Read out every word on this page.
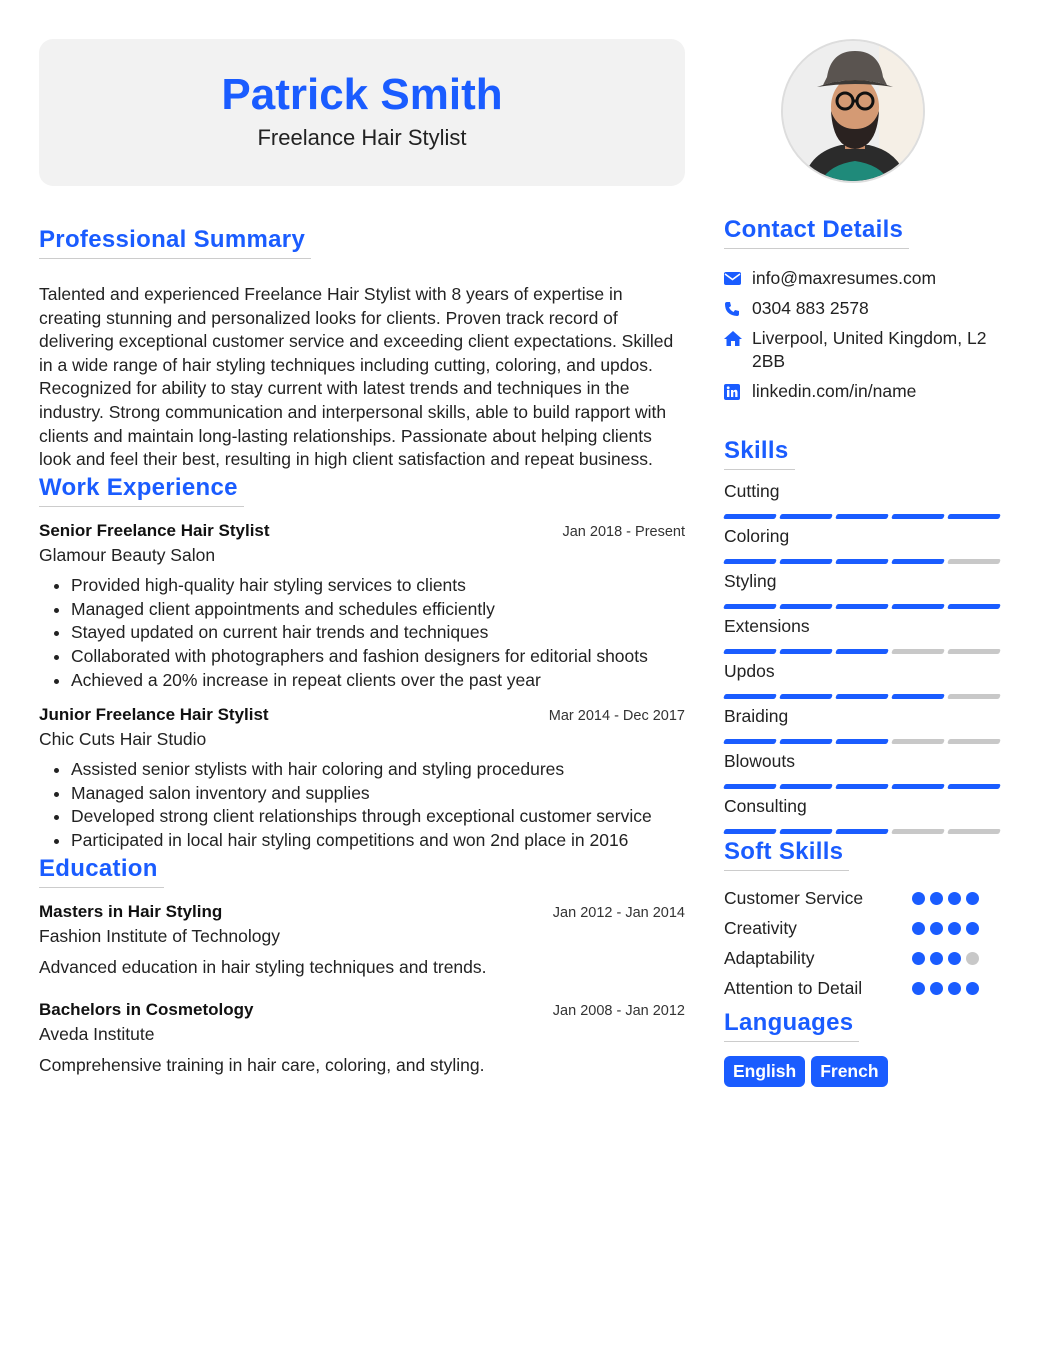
Patrick Smith
Freelance Hair Stylist
Professional Summary

Talented and experienced Freelance Hair Stylist with 8 years of expertise in creating stunning and personalized looks for clients. Proven track record of delivering exceptional customer service and exceeding client expectations. Skilled in a wide range of hair styling techniques including cutting, coloring, and updos. Recognized for ability to stay current with latest trends and techniques in the industry. Strong communication and interpersonal skills, able to build rapport with clients and maintain long-lasting relationships. Passionate about helping clients look and feel their best, resulting in high client satisfaction and repeat business.

Work Experience
Senior Freelance Hair Stylist	Jan 2018 - Present
Glamour Beauty Salon
• Provided high-quality hair styling services to clients
• Managed client appointments and schedules efficiently
• Stayed updated on current hair trends and techniques
• Collaborated with photographers and fashion designers for editorial shoots
• Achieved a 20% increase in repeat clients over the past year
Junior Freelance Hair Stylist	Mar 2014 - Dec 2017
Chic Cuts Hair Studio
• Assisted senior stylists with hair coloring and styling procedures
• Managed salon inventory and supplies
• Developed strong client relationships through exceptional customer service
• Participated in local hair styling competitions and won 2nd place in 2016
Education
Masters in Hair Styling	Jan 2012 - Jan 2014
Fashion Institute of Technology
Advanced education in hair styling techniques and trends.
Bachelors in Cosmetology	Jan 2008 - Jan 2012
Aveda Institute
Comprehensive training in hair care, coloring, and styling.
Contact Details
info@maxresumes.com
0304 883 2578
Liverpool, United Kingdom, L2 2BB
linkedin.com/in/name
Skills
Cutting
Coloring
Styling
Extensions
Updos
Braiding
Blowouts
Consulting
Soft Skills
Customer Service
Creativity
Adaptability
Attention to Detail
Languages
English	French
